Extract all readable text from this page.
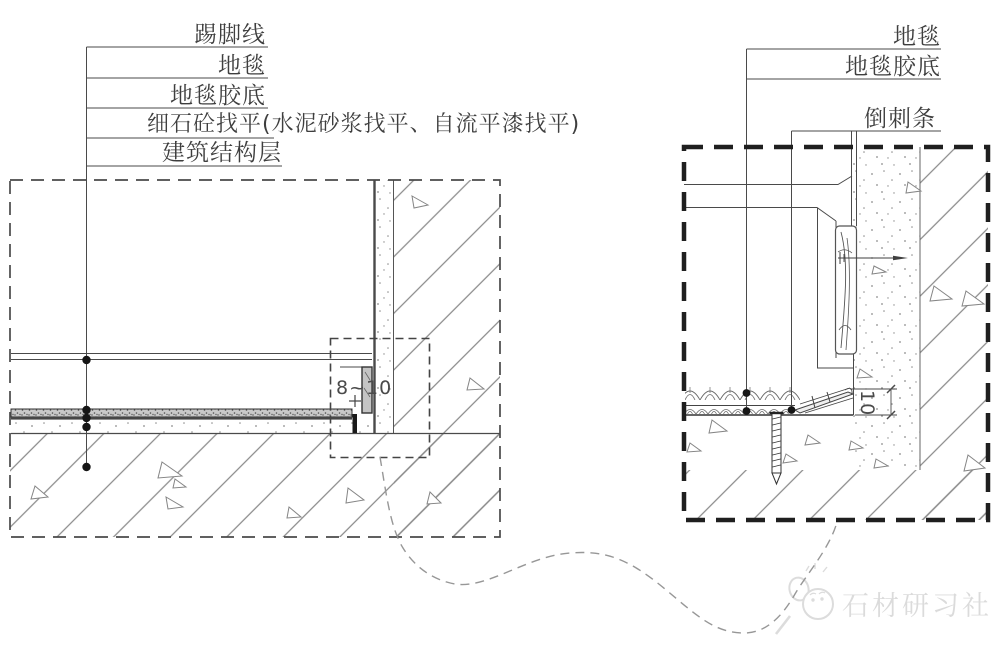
踢脚线
地毯
地毯胶底
细石砼找平(水泥砂浆找平、自流平漆找平)
建筑结构层
地毯
地毯胶底
倒刺条
8~10
10
石材研习社
